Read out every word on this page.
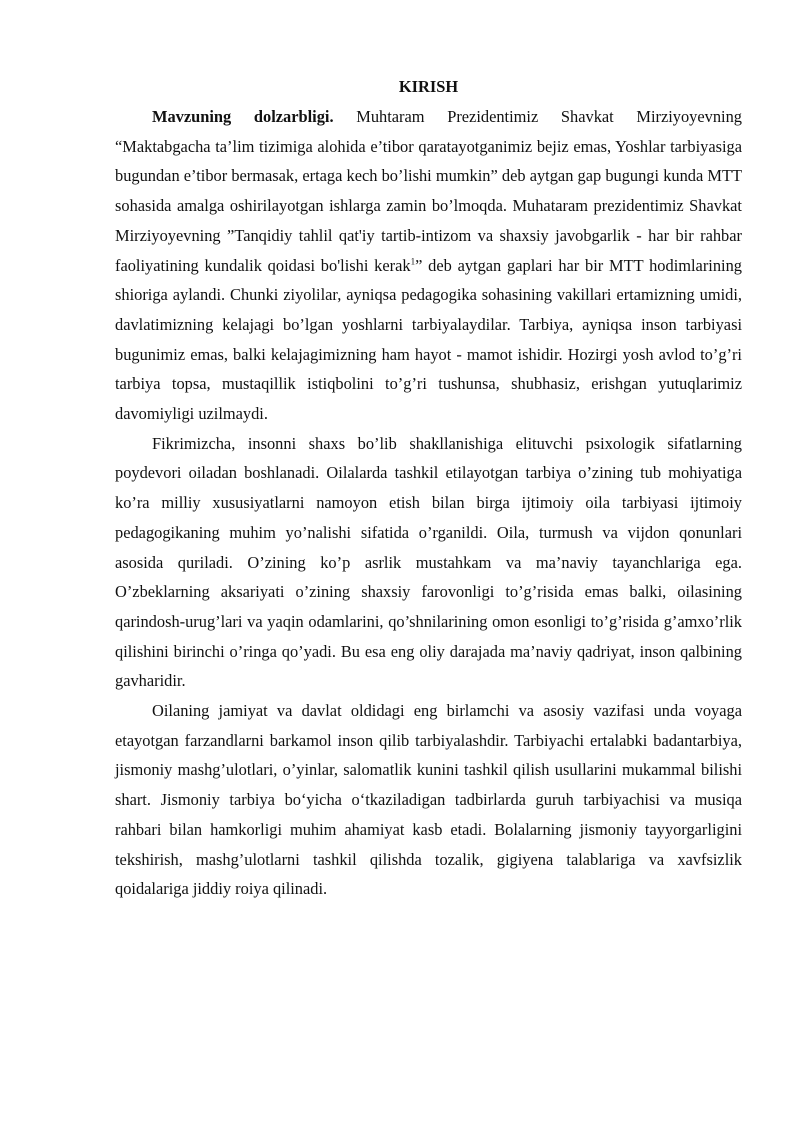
KIRISH

Mavzuning dolzarbligi. Muhtaram Prezidentimiz Shavkat Mirziyoyevning “Maktabgacha ta’lim tizimiga alohida e’tibor qaratayotganimiz bejiz emas, Yoshlar tarbiyasiga bugundan e’tibor bermasak, ertaga kech bo’lishi mumkin” deb aytgan gap bugungi kunda MTT sohasida amalga oshirilayotgan ishlarga zamin bo’lmoqda. Muhataram prezidentimiz Shavkat Mirziyoyevning ”Tanqidiy tahlil qat'iy tartib-intizom va shaxsiy javobgarlik - har bir rahbar faoliyatining kundalik qoidasi bo'lishi kerak$^1$” deb aytgan gaplari har bir MTT hodimlarining shioriga aylandi. Chunki ziyolilar, ayniqsa pedagogika sohasining vakillari ertamizning umidi, davlatimizning kelajagi bo’lgan yoshlarni tarbiyalaydilar. Tarbiya, ayniqsa inson tarbiyasi bugunimiz emas, balki kelajagimizning ham hayot - mamot ishidir. Hozirgi yosh avlod to’g’ri tarbiya topsa, mustaqillik istiqbolini to’g’ri tushunsa, shubhasiz, erishgan yutuqlarimiz davomiyligi uzilmaydi.

Fikrimizcha, insonni shaxs bo’lib shakllanishiga elituvchi psixologik sifatlarning poydevori oiladan boshlanadi. Oilalarda tashkil etilayotgan tarbiya o’zining tub mohiyatiga ko’ra milliy xususiyatlarni namoyon etish bilan birga ijtimoiy oila tarbiyasi ijtimoiy pedagogikaning muhim yo’nalishi sifatida o’rganildi. Oila, turmush va vijdon qonunlari asosida quriladi. O’zining ko’p asrlik mustahkam va ma’naviy tayanchlariga ega. O’zbeklarning aksariyati o’zining shaxsiy farovonligi to’g’risida emas balki, oilasining qarindosh-urug’lari va yaqin odamlarini, qo’shnilarining omon esonligi to’g’risida g’amxo’rlik qilishini birinchi o’ringa qo’yadi. Bu esa eng oliy darajada ma’naviy qadriyat, inson qalbining gavharidir.

Oilaning jamiyat va davlat oldidagi eng birlamchi va asosiy vazifasi unda voyaga etayotgan farzandlarni barkamol inson qilib tarbiyalashdir. Tarbiyachi ertalabki badantarbiya, jismoniy mashg’ulotlari, o’yinlar, salomatlik kunini tashkil qilish usullarini mukammal bilishi shart. Jismoniy tarbiya bo‘yicha o‘tkaziladigan tadbirlarda guruh tarbiyachisi va musiqa rahbari bilan hamkorligi muhim ahamiyat kasb etadi. Bolalarning jismoniy tayyorgarligini tekshirish, mashg’ulotlarni tashkil qilishda tozalik, gigiyena talablariga va xavfsizlik qoidalariga jiddiy roiya qilinadi.
